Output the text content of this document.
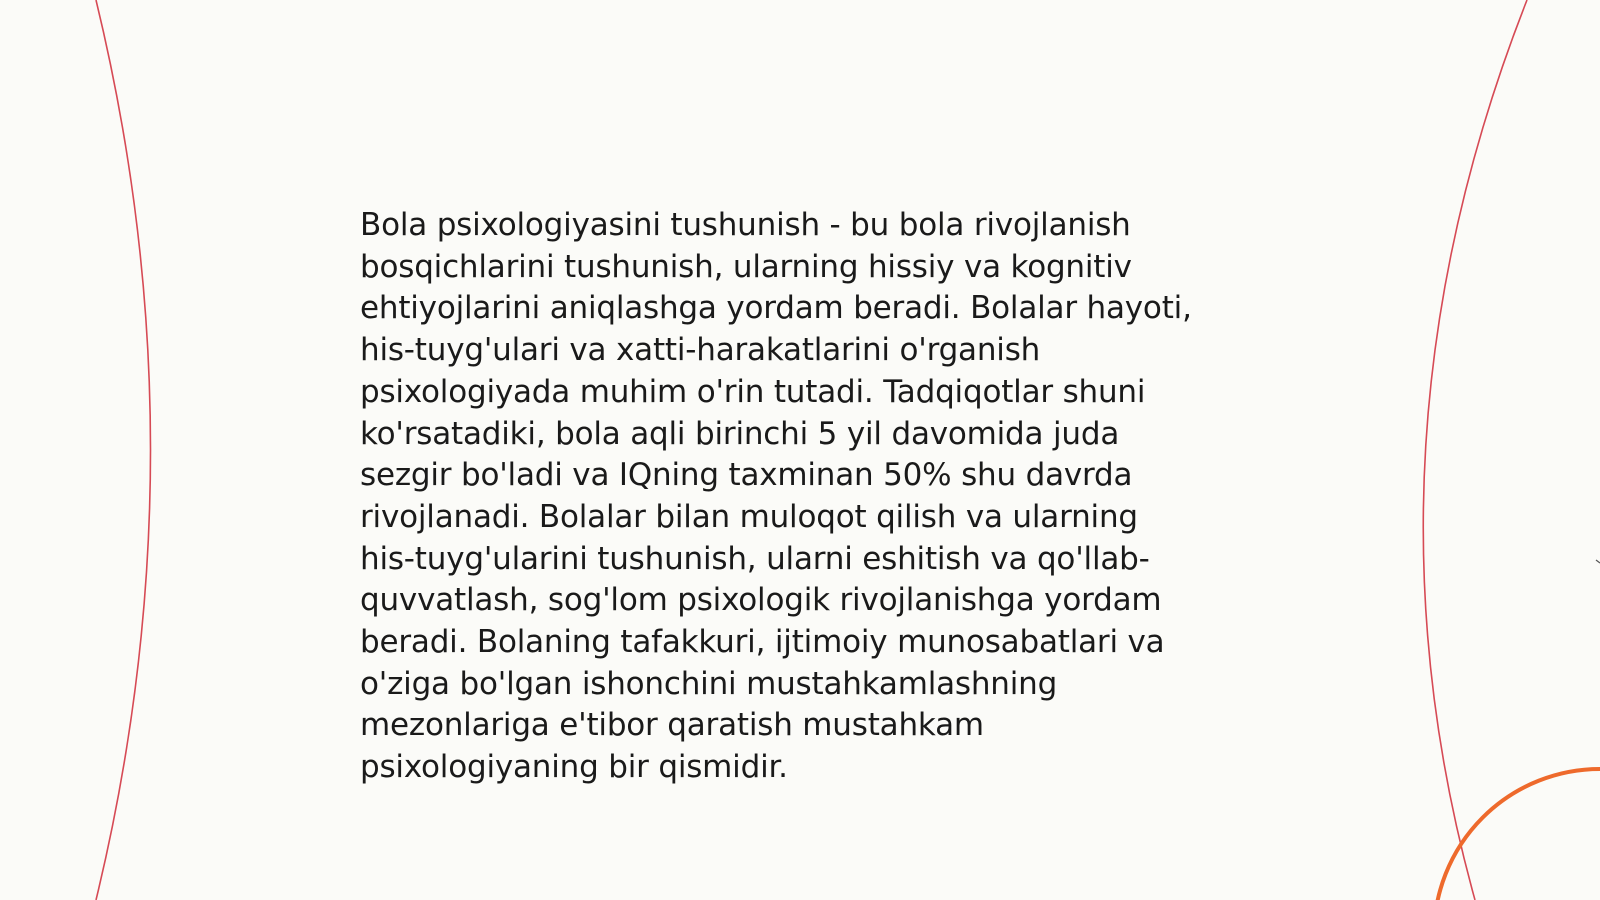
Bola psixologiyasini tushunish - bu bola rivojlanish
bosqichlarini tushunish, ularning hissiy va kognitiv
ehtiyojlarini aniqlashga yordam beradi. Bolalar hayoti,
his-tuyg'ulari va xatti-harakatlarini o'rganish
psixologiyada muhim o'rin tutadi. Tadqiqotlar shuni
ko'rsatadiki, bola aqli birinchi 5 yil davomida juda
sezgir bo'ladi va IQning taxminan 50% shu davrda
rivojlanadi. Bolalar bilan muloqot qilish va ularning
his-tuyg'ularini tushunish, ularni eshitish va qo'llab-
quvvatlash, sog'lom psixologik rivojlanishga yordam
beradi. Bolaning tafakkuri, ijtimoiy munosabatlari va
o'ziga bo'lgan ishonchini mustahkamlashning
mezonlariga e'tibor qaratish mustahkam
psixologiyaning bir qismidir.
